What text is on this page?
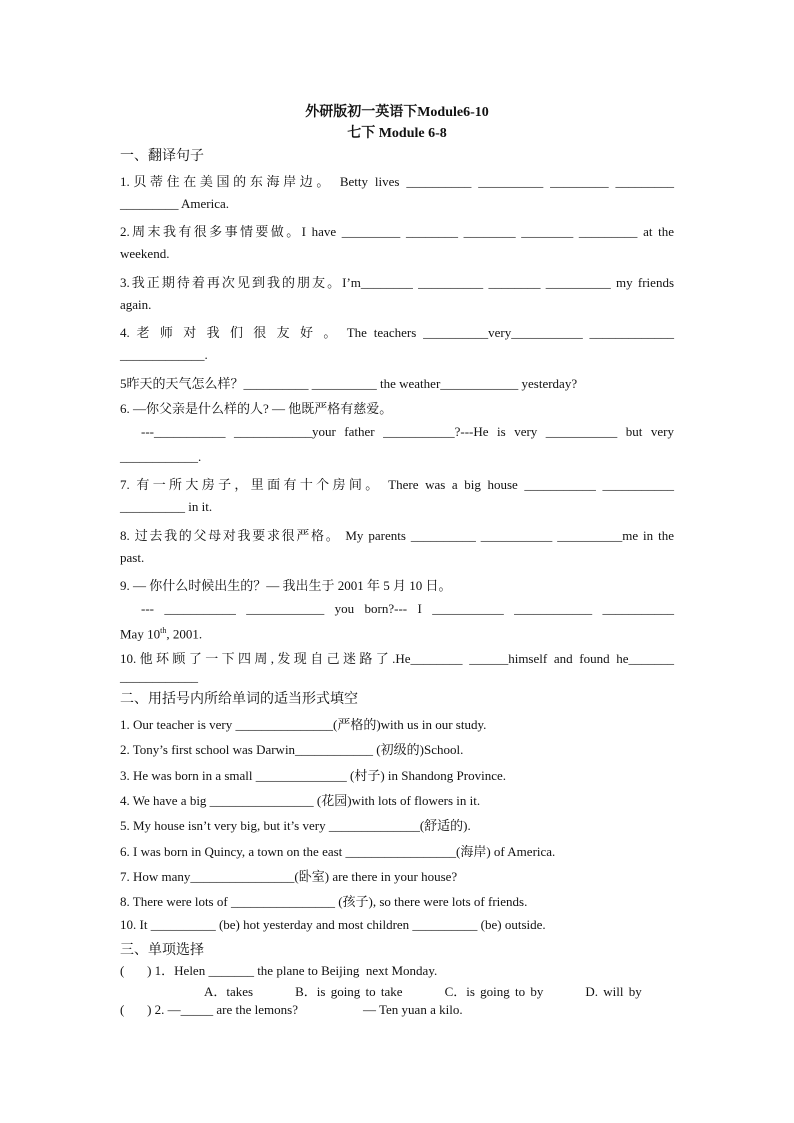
外研版初一英语下Module6-10
七下 Module 6-8
一、翻译句子
1.贝蒂住在美国的东海岸边。 Betty lives __________ __________ _________ _________
_________ America.
2.周末我有很多事情要做。I have _________ ________ ________ ________ _________ at the
weekend.
3.我正期待着再次见到我的朋友。I’m________ __________ ________ __________ my friends
again.
4. 老 师 对 我 们 很 友 好 。 The teachers __________very___________ _____________
_____________.
5昨天的天气怎么样？__________ __________ the weather____________ yesterday?
6. —你父亲是什么样的人? — 他既严格有慈爱。
---___________ ____________your father ___________?---He is very ___________ but very
____________.
7. 有一所大房子，里面有十个房间。 There was a big house ___________ ___________
__________ in it.
8. 过去我的父母对我要求很严格。 My parents __________ ___________ __________me in the
past.
9. — 你什么时候出生的？— 我出生于 2001 年 5 月 10 日。
--- ___________ ____________ you born?--- I ___________ ____________ ___________
May 10th, 2001.
10.他环顾了一下四周,发现自己迷路了.He________ ______himself and found he_______
____________
二、用括号内所给单词的适当形式填空
1. Our teacher is very _______________(严格的)with us in our study.
2. Tony’s first school was Darwin____________ (初级的)School.
3. He was born in a small ______________ (村子) in Shandong Province.
4. We have a big ________________ (花园)with lots of flowers in it.
5. My house isn’t very big, but it’s very ______________(舒适的).
6. I was born in Quincy, a town on the east _________________(海岸) of America.
7. How many________________(卧室) are there in your house?
8. There were lots of ________________ (孩子), so there were lots of friends.
10. It __________ (be) hot yesterday and most children __________ (be) outside.
三、单项选择
(       ) 1．Helen _______ the plane to Beijing  next Monday.
A．takes        B．is going to take        C．is going to by        D. will by
(       ) 2. —_____ are the lemons?                    — Ten yuan a kilo.
